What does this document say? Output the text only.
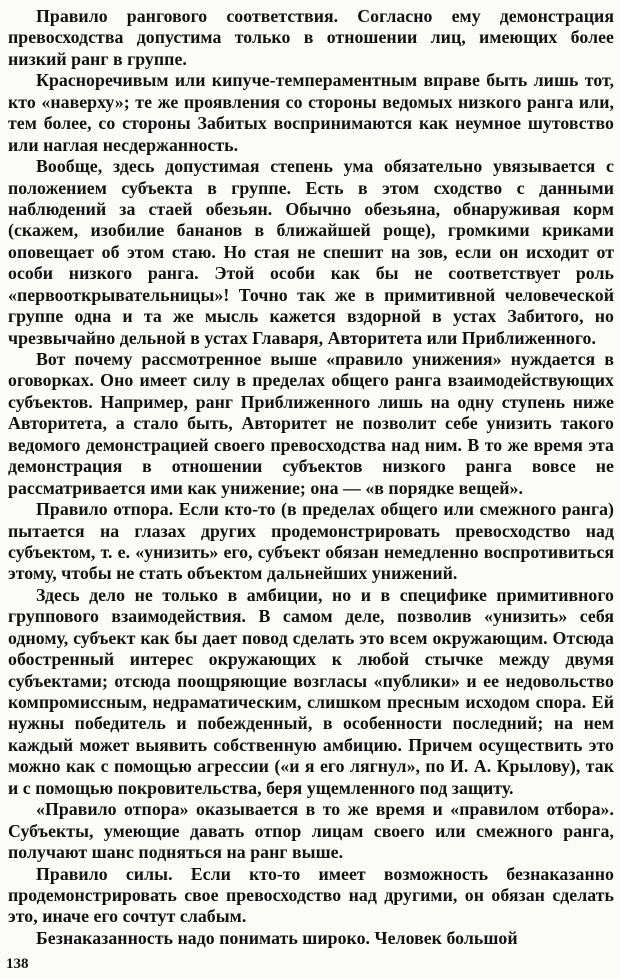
Правило рангового соответствия. Согласно ему демонстрация превосходства допустима только в отношении лиц, имеющих более низкий ранг в группе.

Красноречивым или кипуче-темпераментным вправе быть лишь тот, кто «наверху»; те же проявления со стороны ведомых низкого ранга или, тем более, со стороны Забитых воспринимаются как неумное шутовство или наглая несдержанность.

Вообще, здесь допустимая степень ума обязательно увязывается с положением субъекта в группе. Есть в этом сходство с данными наблюдений за стаей обезьян. Обычно обезьяна, обнаруживая корм (скажем, изобилие бананов в ближайшей роще), громкими криками оповещает об этом стаю. Но стая не спешит на зов, если он исходит от особи низкого ранга. Этой особи как бы не соответствует роль «первооткрывательницы»! Точно так же в примитивной человеческой группе одна и та же мысль кажется вздорной в устах Забитого, но чрезвычайно дельной в устах Главаря, Авторитета или Приближенного.

Вот почему рассмотренное выше «правило унижения» нуждается в оговорках. Оно имеет силу в пределах общего ранга взаимодействующих субъектов. Например, ранг Приближенного лишь на одну ступень ниже Авторитета, а стало быть, Авторитет не позволит себе унизить такого ведомого демонстрацией своего превосходства над ним. В то же время эта демонстрация в отношении субъектов низкого ранга вовсе не рассматривается ими как унижение; она — «в порядке вещей».

Правило отпора. Если кто-то (в пределах общего или смежного ранга) пытается на глазах других продемонстрировать превосходство над субъектом, т. е. «унизить» его, субъект обязан немедленно воспротивиться этому, чтобы не стать объектом дальнейших унижений.

Здесь дело не только в амбиции, но и в специфике примитивного группового взаимодействия. В самом деле, позволив «унизить» себя одному, субъект как бы дает повод сделать это всем окружающим. Отсюда обостренный интерес окружающих к любой стычке между двумя субъектами; отсюда поощряющие возгласы «публики» и ее недовольство компромиссным, недраматическим, слишком пресным исходом спора. Ей нужны победитель и побежденный, в особенности последний; на нем каждый может выявить собственную амбицию. Причем осуществить это можно как с помощью агрессии («и я его лягнул», по И. А. Крылову), так и с помощью покровительства, беря ущемленного под защиту.

«Правило отпора» оказывается в то же время и «правилом отбора». Субъекты, умеющие давать отпор лицам своего или смежного ранга, получают шанс подняться на ранг выше.

Правило силы. Если кто-то имеет возможность безнаказанно продемонстрировать свое превосходство над другими, он обязан сделать это, иначе его сочтут слабым.

Безнаказанность надо понимать широко. Человек большой

138
